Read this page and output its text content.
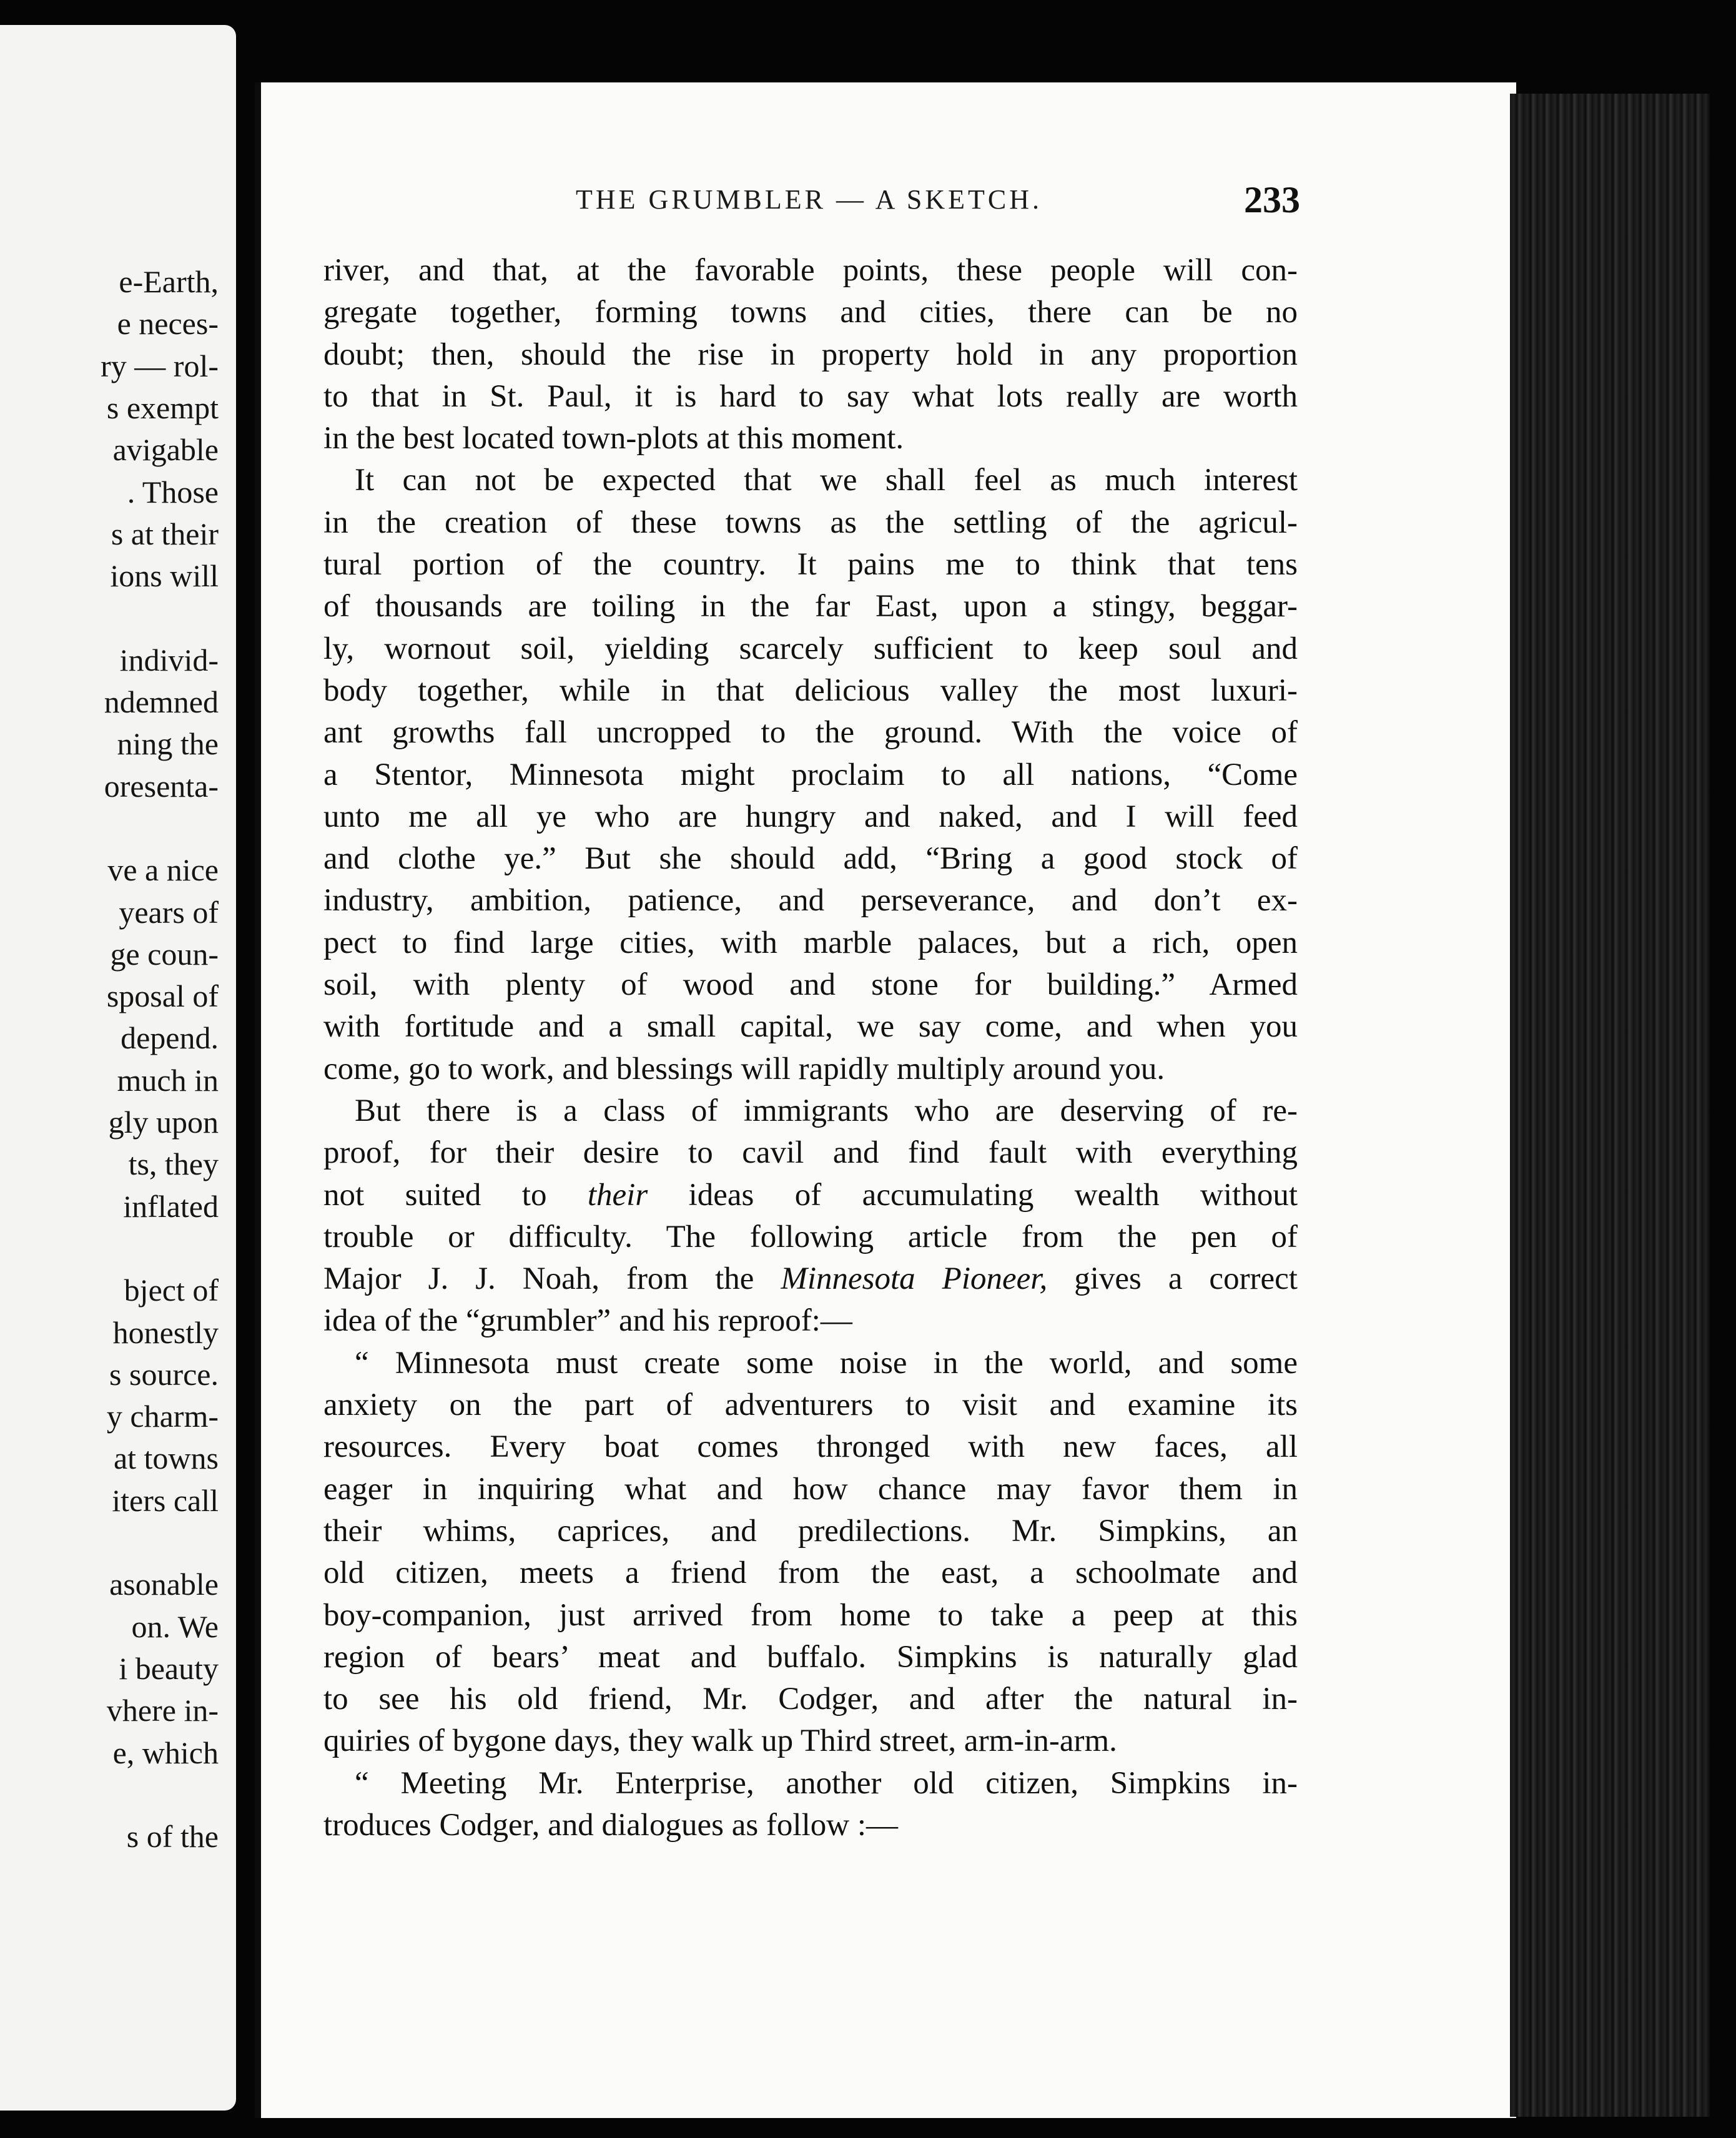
e-Earth,
e neces-
ry — rol-
s exempt
avigable
. Those
s at their
ions will
individ-
ndemned
ning the
oresenta-
ve a nice
years of
ge coun-
sposal of
depend.
much in
gly upon
ts, they
inflated
bject of
honestly
s source.
y charm-
at towns
iters call
asonable
on. We
i beauty
vhere in-
e, which
s of the
THE GRUMBLER — A SKETCH.	233
river, and that, at the favorable points, these people will con-
gregate together, forming towns and cities, there can be no
doubt; then, should the rise in property hold in any proportion
to that in St. Paul, it is hard to say what lots really are worth
in the best located town-plots at this moment.
It can not be expected that we shall feel as much interest
in the creation of these towns as the settling of the agricul-
tural portion of the country. It pains me to think that tens
of thousands are toiling in the far East, upon a stingy, beggar-
ly, wornout soil, yielding scarcely sufficient to keep soul and
body together, while in that delicious valley the most luxuri-
ant growths fall uncropped to the ground. With the voice of
a Stentor, Minnesota might proclaim to all nations, “Come
unto me all ye who are hungry and naked, and I will feed
and clothe ye.” But she should add, “Bring a good stock of
industry, ambition, patience, and perseverance, and don’t ex-
pect to find large cities, with marble palaces, but a rich, open
soil, with plenty of wood and stone for building.” Armed
with fortitude and a small capital, we say come, and when you
come, go to work, and blessings will rapidly multiply around you.
But there is a class of immigrants who are deserving of re-
proof, for their desire to cavil and find fault with everything
not suited to their ideas of accumulating wealth without
trouble or difficulty. The following article from the pen of
Major J. J. Noah, from the Minnesota Pioneer, gives a correct
idea of the “grumbler” and his reproof:—
“ Minnesota must create some noise in the world, and some
anxiety on the part of adventurers to visit and examine its
resources. Every boat comes thronged with new faces, all
eager in inquiring what and how chance may favor them in
their whims, caprices, and predilections. Mr. Simpkins, an
old citizen, meets a friend from the east, a schoolmate and
boy-companion, just arrived from home to take a peep at this
region of bears’ meat and buffalo. Simpkins is naturally glad
to see his old friend, Mr. Codger, and after the natural in-
quiries of bygone days, they walk up Third street, arm-in-arm.
“ Meeting Mr. Enterprise, another old citizen, Simpkins in-
troduces Codger, and dialogues as follow :—
